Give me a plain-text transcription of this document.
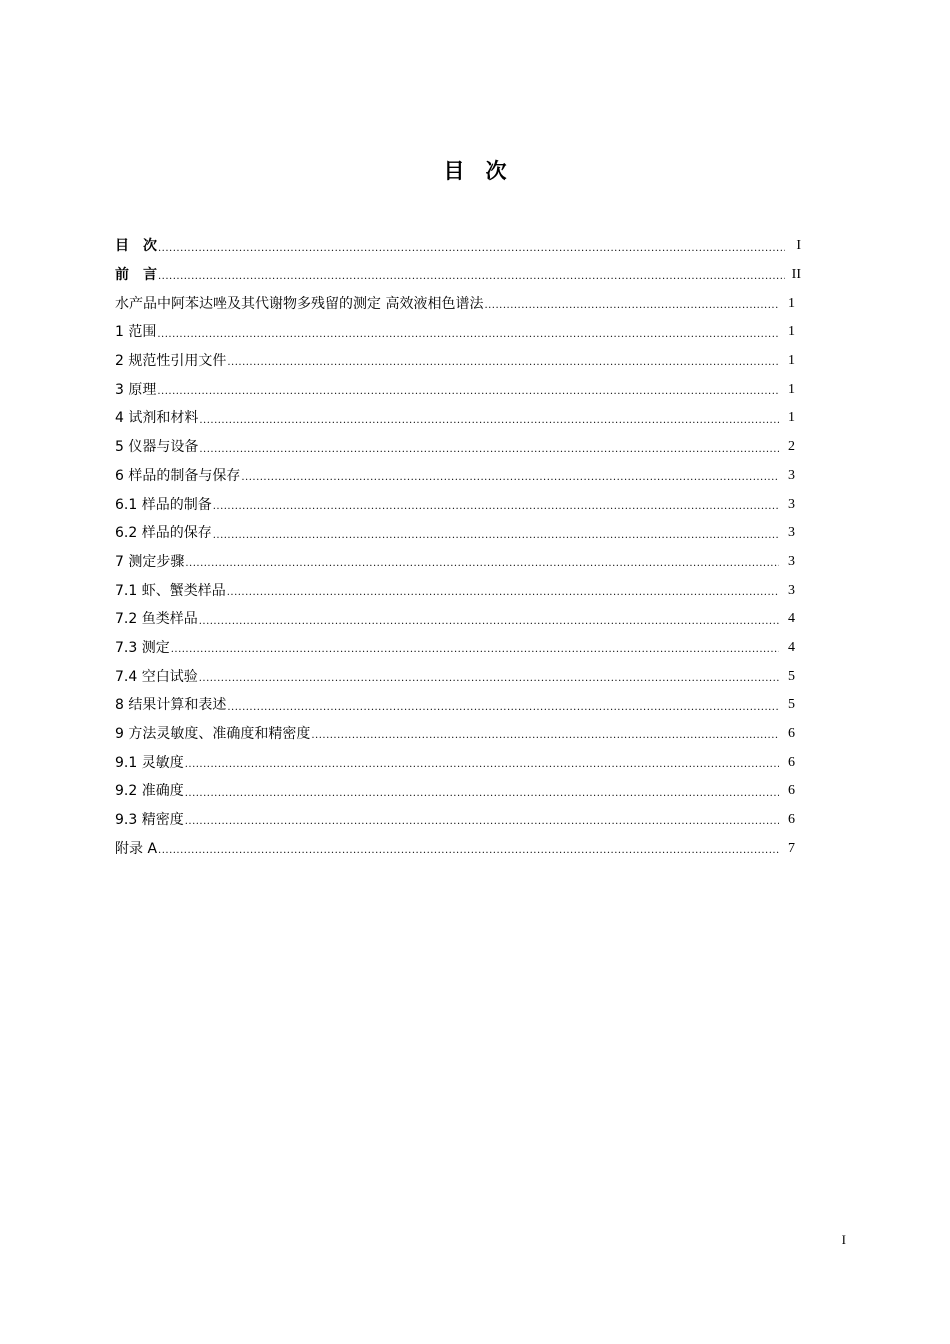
目　次
目　次 .....	I
前　言 .....	II
水产品中阿苯达唑及其代谢物多残留的测定 高效液相色谱法 .....	1
1 范围 .....	1
2 规范性引用文件 .....	1
3 原理 .....	1
4 试剂和材料 .....	1
5 仪器与设备 .....	2
6 样品的制备与保存 .....	3
6.1 样品的制备 .....	3
6.2 样品的保存 .....	3
7 测定步骤 .....	3
7.1 虾、蟹类样品 .....	3
7.2 鱼类样品 .....	4
7.3 测定 .....	4
7.4 空白试验 .....	5
8 结果计算和表述 .....	5
9 方法灵敏度、准确度和精密度 .....	6
9.1 灵敏度 .....	6
9.2 准确度 .....	6
9.3 精密度 .....	6
附录 A .....	7
I
